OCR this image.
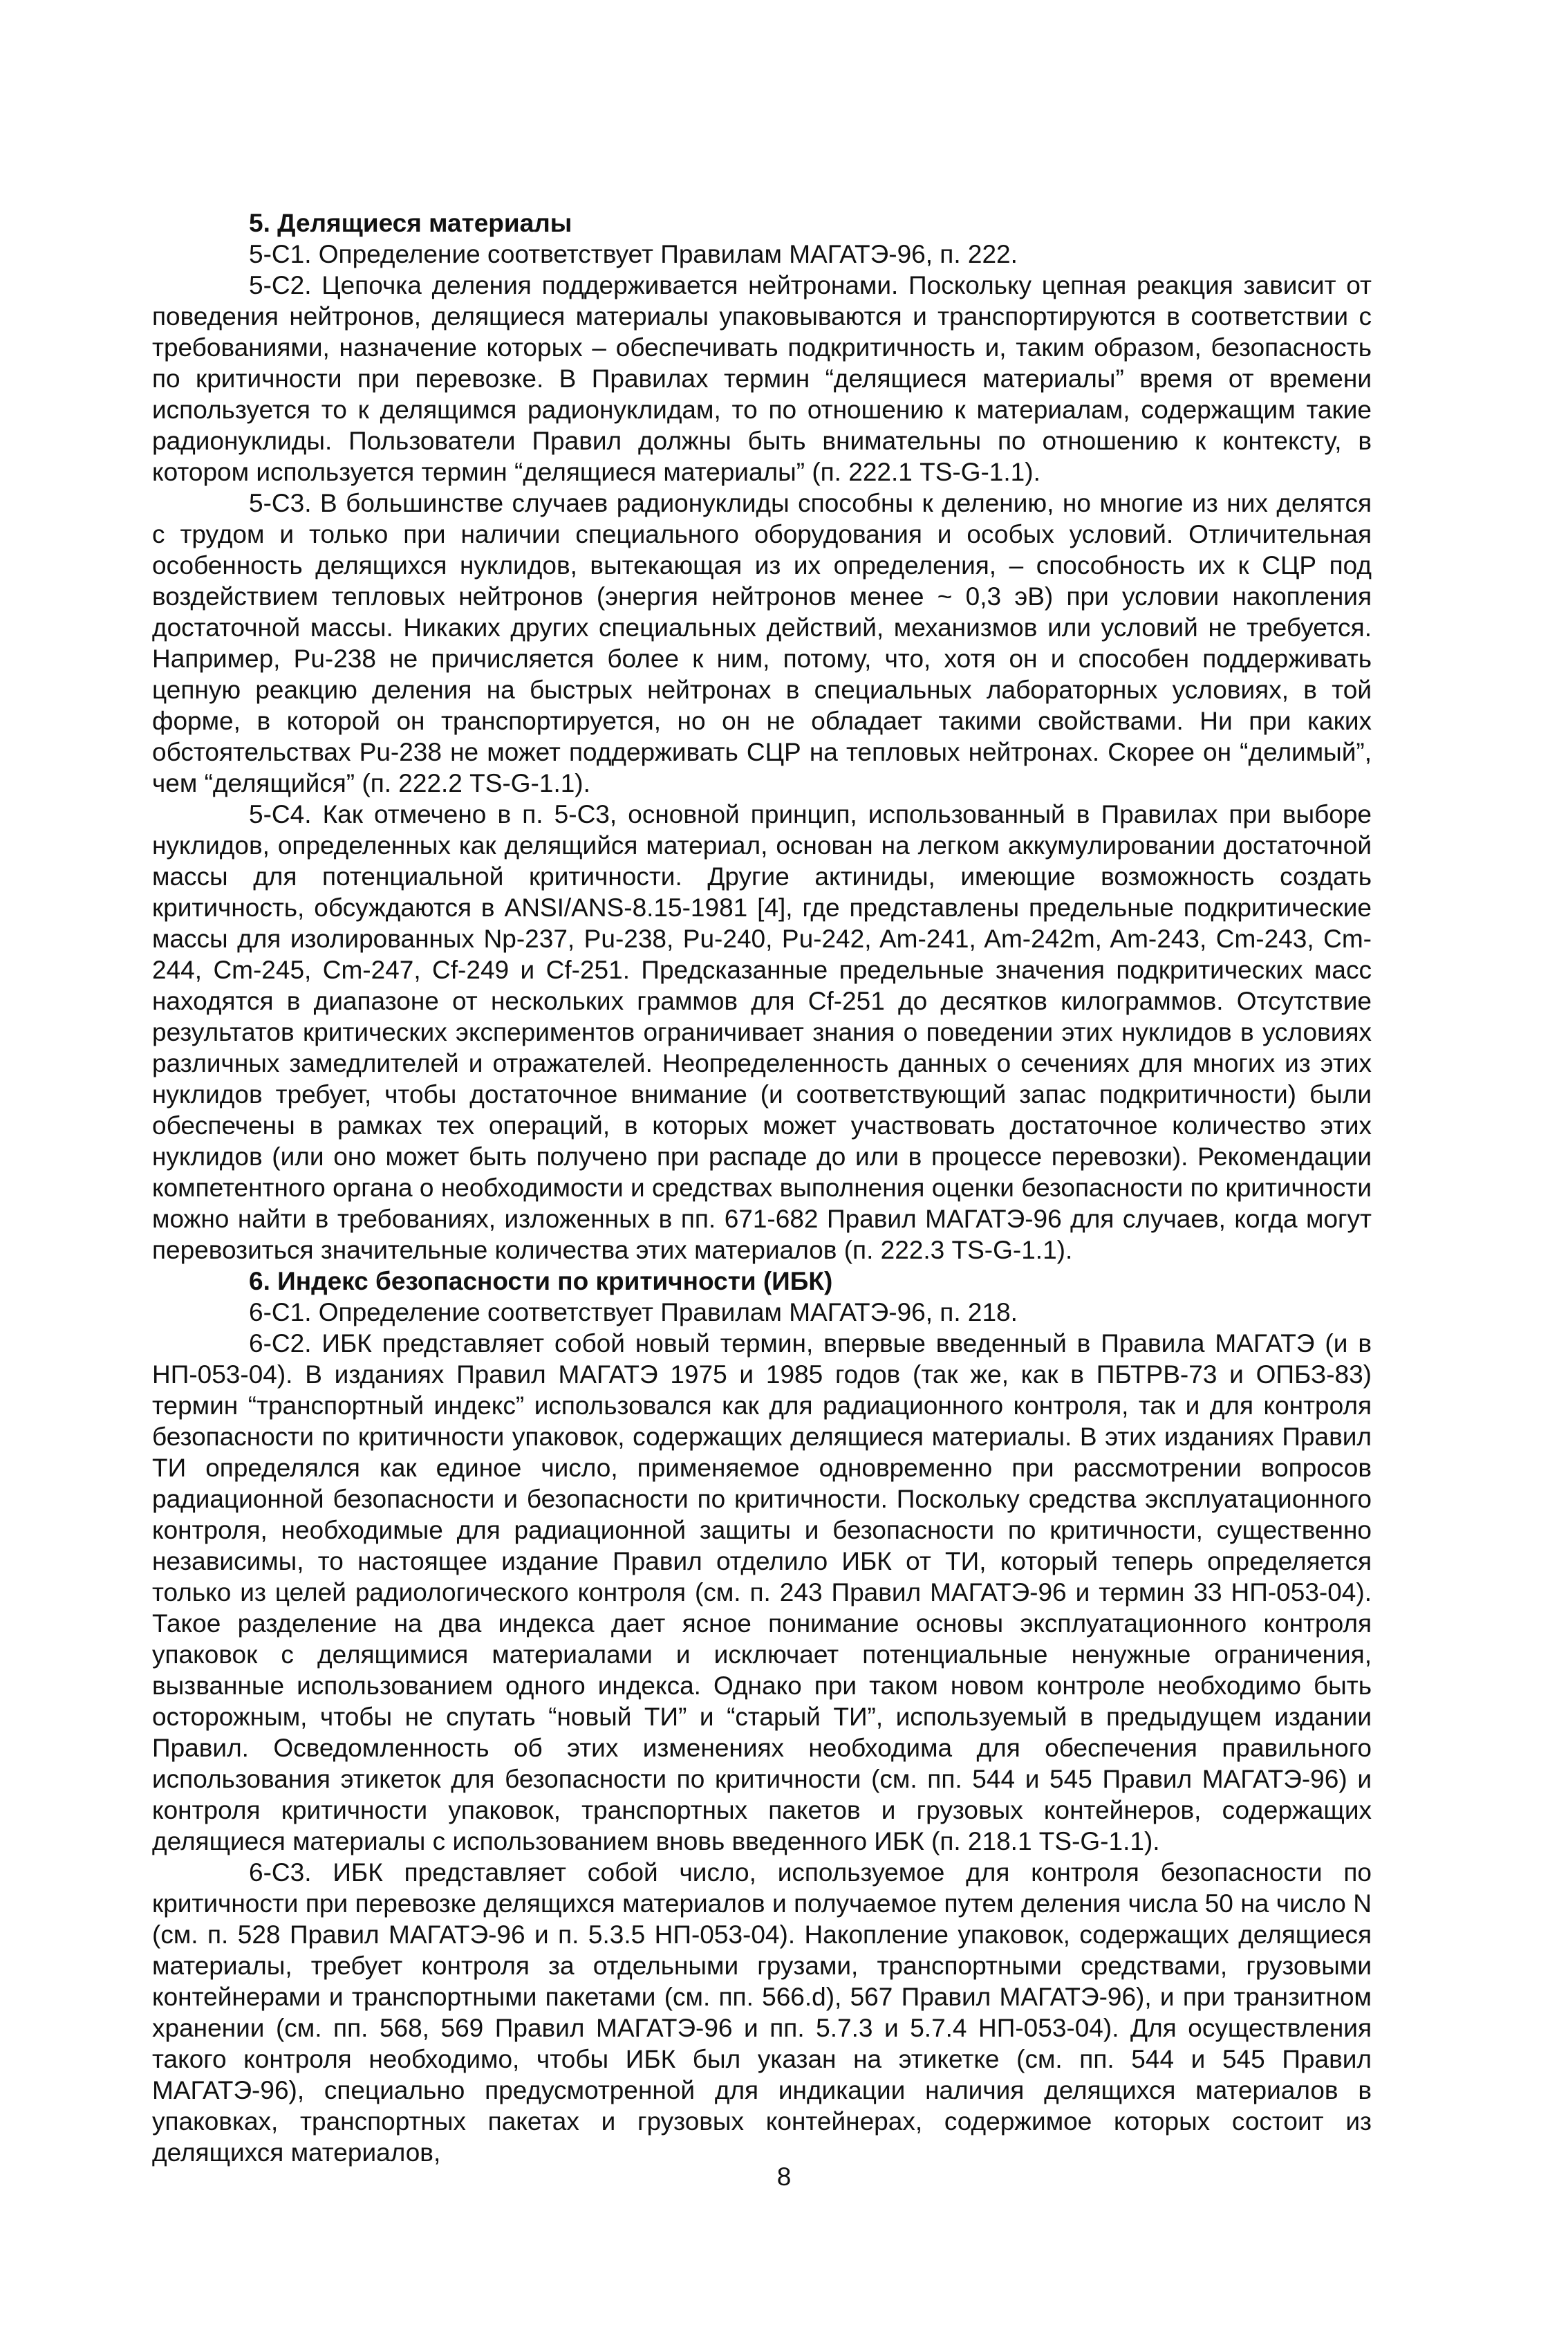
5. Делящиеся материалы

5-С1. Определение соответствует Правилам МАГАТЭ-96, п. 222.

5-С2. Цепочка деления поддерживается нейтронами. Поскольку цепная реакция зависит от поведения нейтронов, делящиеся материалы упаковываются и транспортируются в соответствии с требованиями, назначение которых – обеспечивать подкритичность и, таким образом, безопасность по критичности при перевозке. В Правилах термин “делящиеся материалы” время от времени используется то к делящимся радионуклидам, то по отношению к материалам, содержащим такие радионуклиды. Пользователи Правил должны быть внимательны по отношению к контексту, в котором используется термин “делящиеся материалы” (п. 222.1 TS-G-1.1).

5-С3. В большинстве случаев радионуклиды способны к делению, но многие из них делятся с трудом и только при наличии специального оборудования и особых условий. Отличительная особенность делящихся нуклидов, вытекающая из их определения, – способность их к СЦР под воздействием тепловых нейтронов (энергия нейтронов менее ~ 0,3 эВ) при условии накопления достаточной массы. Никаких других специальных действий, механизмов или условий не требуется. Например, Pu-238 не причисляется более к ним, потому, что, хотя он и способен поддерживать цепную реакцию деления на быстрых нейтронах в специальных лабораторных условиях, в той форме, в которой он транспортируется, но он не обладает такими свойствами. Ни при каких обстоятельствах Pu-238 не может поддерживать СЦР на тепловых нейтронах. Скорее он “делимый”, чем “делящийся” (п. 222.2 TS-G-1.1).

5-С4. Как отмечено в п. 5-С3, основной принцип, использованный в Правилах при выборе нуклидов, определенных как делящийся материал, основан на легком аккумулировании достаточной массы для потенциальной критичности. Другие актиниды, имеющие возможность создать критичность, обсуждаются в ANSI/ANS-8.15-1981 [4], где представлены предельные подкритические массы для изолированных Np-237, Pu-238, Pu-240, Pu-242, Am-241, Am-242m, Am-243, Cm-243, Cm-244, Cm-245, Cm-247, Cf-249 и Cf-251. Предсказанные предельные значения подкритических масс находятся в диапазоне от нескольких граммов для Cf-251 до десятков килограммов. Отсутствие результатов критических экспериментов ограничивает знания о поведении этих нуклидов в условиях различных замедлителей и отражателей. Неопределенность данных о сечениях для многих из этих нуклидов требует, чтобы достаточное внимание (и соответствующий запас подкритичности) были обеспечены в рамках тех операций, в которых может участвовать достаточное количество этих нуклидов (или оно может быть получено при распаде до или в процессе перевозки). Рекомендации компетентного органа о необходимости и средствах выполнения оценки безопасности по критичности можно найти в требованиях, изложенных в пп. 671-682 Правил МАГАТЭ-96 для случаев, когда могут перевозиться значительные количества этих материалов (п. 222.3 TS-G-1.1).

6. Индекс безопасности по критичности (ИБК)

6-С1. Определение соответствует Правилам МАГАТЭ-96, п. 218.

6-С2. ИБК представляет собой новый термин, впервые введенный в Правила МАГАТЭ (и в НП-053-04). В изданиях Правил МАГАТЭ 1975 и 1985 годов (так же, как в ПБТРВ-73 и ОПБЗ-83) термин “транспортный индекс” использовался как для радиационного контроля, так и для контроля безопасности по критичности упаковок, содержащих делящиеся материалы. В этих изданиях Правил ТИ определялся как единое число, применяемое одновременно при рассмотрении вопросов радиационной безопасности и безопасности по критичности. Поскольку средства эксплуатационного контроля, необходимые для радиационной защиты и безопасности по критичности, существенно независимы, то настоящее издание Правил отделило ИБК от ТИ, который теперь определяется только из целей радиологического контроля (см. п. 243 Правил МАГАТЭ-96 и термин 33 НП-053-04). Такое разделение на два индекса дает ясное понимание основы эксплуатационного контроля упаковок с делящимися материалами и исключает потенциальные ненужные ограничения, вызванные использованием одного индекса. Однако при таком новом контроле необходимо быть осторожным, чтобы не спутать “новый ТИ” и “старый ТИ”, используемый в предыдущем издании Правил. Осведомленность об этих изменениях необходима для обеспечения правильного использования этикеток для безопасности по критичности (см. пп. 544 и 545 Правил МАГАТЭ-96) и контроля критичности упаковок, транспортных пакетов и грузовых контейнеров, содержащих делящиеся материалы с использованием вновь введенного ИБК (п. 218.1 TS-G-1.1).

6-С3. ИБК представляет собой число, используемое для контроля безопасности по критичности при перевозке делящихся материалов и получаемое путем деления числа 50 на число N (см. п. 528 Правил МАГАТЭ-96 и п. 5.3.5 НП-053-04). Накопление упаковок, содержащих делящиеся материалы, требует контроля за отдельными грузами, транспортными средствами, грузовыми контейнерами и транспортными пакетами (см. пп. 566.d), 567 Правил МАГАТЭ-96), и при транзитном хранении (см. пп. 568, 569 Правил МАГАТЭ-96 и пп. 5.7.3 и 5.7.4 НП-053-04). Для осуществления такого контроля необходимо, чтобы ИБК был указан на этикетке (см. пп. 544 и 545 Правил МАГАТЭ-96), специально предусмотренной для индикации наличия делящихся материалов в упаковках, транспортных пакетах и грузовых контейнерах, содержимое которых состоит из делящихся материалов,

8
